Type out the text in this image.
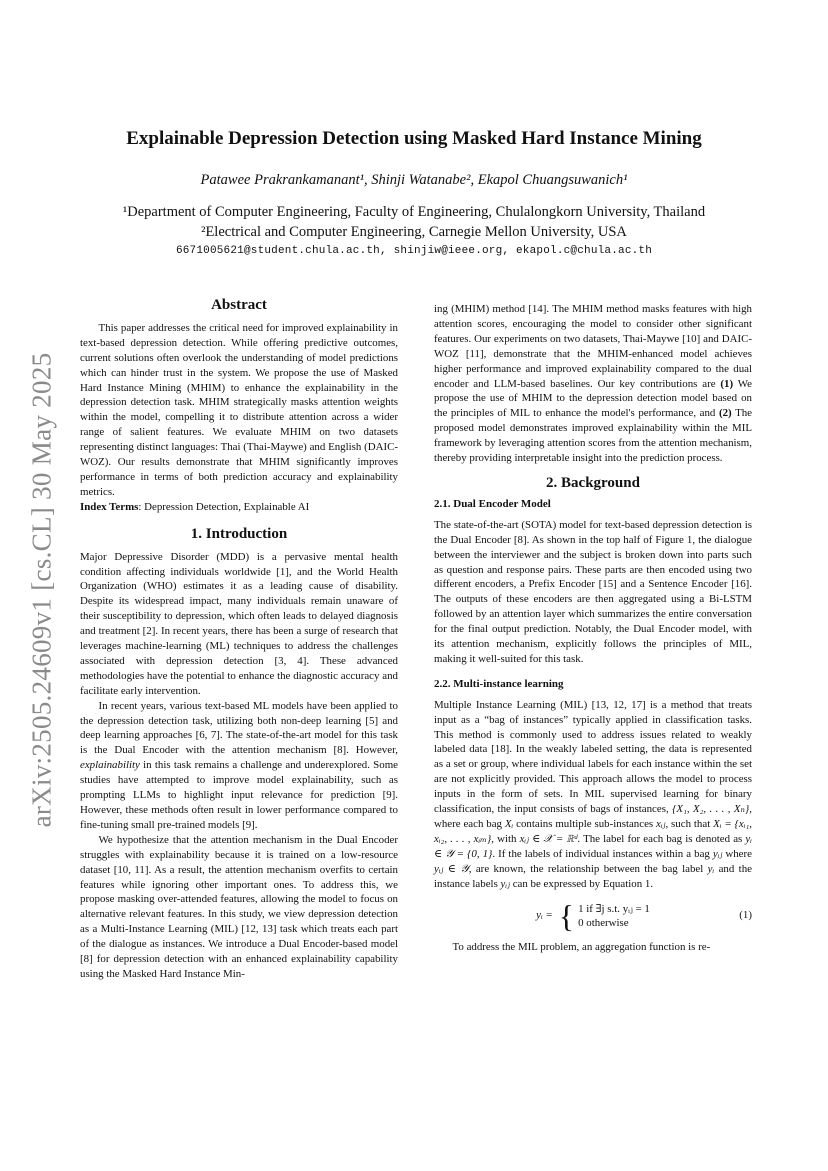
arXiv:2505.24609v1 [cs.CL] 30 May 2025
Explainable Depression Detection using Masked Hard Instance Mining
Patawee Prakrankamanant¹, Shinji Watanabe², Ekapol Chuangsuwanich¹
¹Department of Computer Engineering, Faculty of Engineering, Chulalongkorn University, Thailand
²Electrical and Computer Engineering, Carnegie Mellon University, USA
6671005621@student.chula.ac.th, shinjiw@ieee.org, ekapol.c@chula.ac.th
Abstract

This paper addresses the critical need for improved explainability in text-based depression detection. While offering predictive outcomes, current solutions often overlook the understanding of model predictions which can hinder trust in the system. We propose the use of Masked Hard Instance Mining (MHIM) to enhance the explainability in the depression detection task. MHIM strategically masks attention weights within the model, compelling it to distribute attention across a wider range of salient features. We evaluate MHIM on two datasets representing distinct languages: Thai (Thai-Maywe) and English (DAIC-WOZ). Our results demonstrate that MHIM significantly improves performance in terms of both prediction accuracy and explainability metrics.

Index Terms: Depression Detection, Explainable AI

1. Introduction

Major Depressive Disorder (MDD) is a pervasive mental health condition affecting individuals worldwide [1], and the World Health Organization (WHO) estimates it as a leading cause of disability. Despite its widespread impact, many individuals remain unaware of their susceptibility to depression, which often leads to delayed diagnosis and treatment [2]. In recent years, there has been a surge of research that leverages machine-learning (ML) techniques to address the challenges associated with depression detection [3, 4]. These advanced methodologies have the potential to enhance the diagnostic accuracy and facilitate early intervention.

In recent years, various text-based ML models have been applied to the depression detection task, utilizing both non-deep learning [5] and deep learning approaches [6, 7]. The state-of-the-art model for this task is the Dual Encoder with the attention mechanism [8]. However, explainability in this task remains a challenge and underexplored. Some studies have attempted to improve model explainability, such as prompting LLMs to highlight input relevance for prediction [9]. However, these methods often result in lower performance compared to fine-tuning small pre-trained models [9].

We hypothesize that the attention mechanism in the Dual Encoder struggles with explainability because it is trained on a low-resource dataset [10, 11]. As a result, the attention mechanism overfits to certain features while ignoring other important ones. To address this, we propose masking over-attended features, allowing the model to focus on alternative relevant features. In this study, we view depression detection as a Multi-Instance Learning (MIL) [12, 13] task which treats each part of the dialogue as instances. We introduce a Dual Encoder-based model [8] for depression detection with an enhanced explainability capability using the Masked Hard Instance Min-

ing (MHIM) method [14]. The MHIM method masks features with high attention scores, encouraging the model to consider other significant features. Our experiments on two datasets, Thai-Maywe [10] and DAIC-WOZ [11], demonstrate that the MHIM-enhanced model achieves higher performance and improved explainability compared to the dual encoder and LLM-based baselines. Our key contributions are (1) We propose the use of MHIM to the depression detection model based on the principles of MIL to enhance the model's performance, and (2) The proposed model demonstrates improved explainability within the MIL framework by leveraging attention scores from the attention mechanism, thereby providing interpretable insight into the prediction process.

2. Background
2.1. Dual Encoder Model

The state-of-the-art (SOTA) model for text-based depression detection is the Dual Encoder [8]. As shown in the top half of Figure 1, the dialogue between the interviewer and the subject is broken down into parts such as question and response pairs. These parts are then encoded using two different encoders, a Prefix Encoder [15] and a Sentence Encoder [16]. The outputs of these encoders are then aggregated using a Bi-LSTM followed by an attention layer which summarizes the entire conversation for the final output prediction. Notably, the Dual Encoder model, with its attention mechanism, explicitly follows the principles of MIL, making it well-suited for this task.

2.2. Multi-instance learning

Multiple Instance Learning (MIL) [13, 12, 17] is a method that treats input as a “bag of instances” typically applied in classification tasks. This method is commonly used to address issues related to weakly labeled data [18]. In the weakly labeled setting, the data is represented as a set or group, where individual labels for each instance within the set are not explicitly provided. This approach allows the model to process inputs in the form of sets. In MIL supervised learning for binary classification, the input consists of bags of instances, {X₁, X₂, . . . , Xₙ}, where each bag Xᵢ contains multiple sub-instances xᵢⱼ, such that Xᵢ = {xᵢ₁, xᵢ₂, . . . , xᵢₘ}, with xᵢⱼ ∈ 𝒳 = ℝᵈ. The label for each bag is denoted as yᵢ ∈ 𝒴 = {0, 1}. If the labels of individual instances within a bag yᵢⱼ where yᵢⱼ ∈ 𝒴, are known, the relationship between the bag label yᵢ and the instance labels yᵢⱼ can be expressed by Equation 1.

yᵢ = { 1 if ∃j s.t. yᵢⱼ = 1
0 otherwise
(1)

To address the MIL problem, an aggregation function is re-
